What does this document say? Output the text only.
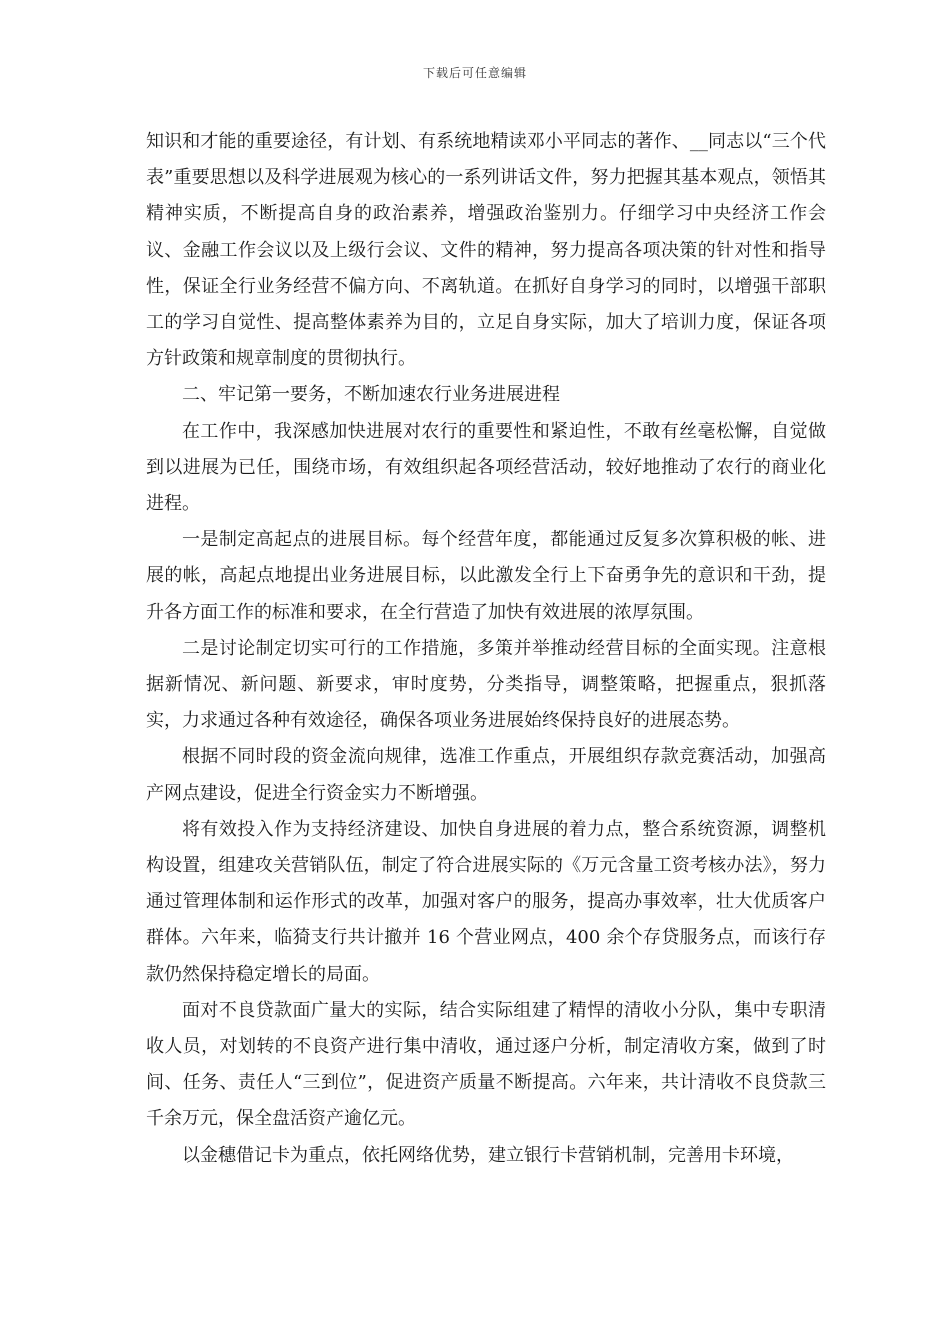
下载后可任意编辑

知识和才能的重要途径，有计划、有系统地精读邓小平同志的著作、__同志以“三个代表”重要思想以及科学进展观为核心的一系列讲话文件，努力把握其基本观点，领悟其精神实质，不断提高自身的政治素养，增强政治鉴别力。仔细学习中央经济工作会议、金融工作会议以及上级行会议、文件的精神，努力提高各项决策的针对性和指导性，保证全行业务经营不偏方向、不离轨道。在抓好自身学习的同时，以增强干部职工的学习自觉性、提高整体素养为目的，立足自身实际，加大了培训力度，保证各项方针政策和规章制度的贯彻执行。

二、牢记第一要务，不断加速农行业务进展进程

在工作中，我深感加快进展对农行的重要性和紧迫性，不敢有丝毫松懈，自觉做到以进展为已任，围绕市场，有效组织起各项经营活动，较好地推动了农行的商业化进程。

一是制定高起点的进展目标。每个经营年度，都能通过反复多次算积极的帐、进展的帐，高起点地提出业务进展目标，以此激发全行上下奋勇争先的意识和干劲，提升各方面工作的标准和要求，在全行营造了加快有效进展的浓厚氛围。

二是讨论制定切实可行的工作措施，多策并举推动经营目标的全面实现。注意根据新情况、新问题、新要求，审时度势，分类指导，调整策略，把握重点，狠抓落实，力求通过各种有效途径，确保各项业务进展始终保持良好的进展态势。

根据不同时段的资金流向规律，选准工作重点，开展组织存款竞赛活动，加强高产网点建设，促进全行资金实力不断增强。

将有效投入作为支持经济建设、加快自身进展的着力点，整合系统资源，调整机构设置，组建攻关营销队伍，制定了符合进展实际的《万元含量工资考核办法》，努力通过管理体制和运作形式的改革，加强对客户的服务，提高办事效率，壮大优质客户群体。六年来，临猗支行共计撤并 16 个营业网点，400 余个存贷服务点，而该行存款仍然保持稳定增长的局面。

面对不良贷款面广量大的实际，结合实际组建了精悍的清收小分队，集中专职清收人员，对划转的不良资产进行集中清收，通过逐户分析，制定清收方案，做到了时间、任务、责任人“三到位”，促进资产质量不断提高。六年来，共计清收不良贷款三千余万元，保全盘活资产逾亿元。

以金穗借记卡为重点，依托网络优势，建立银行卡营销机制，完善用卡环境，
